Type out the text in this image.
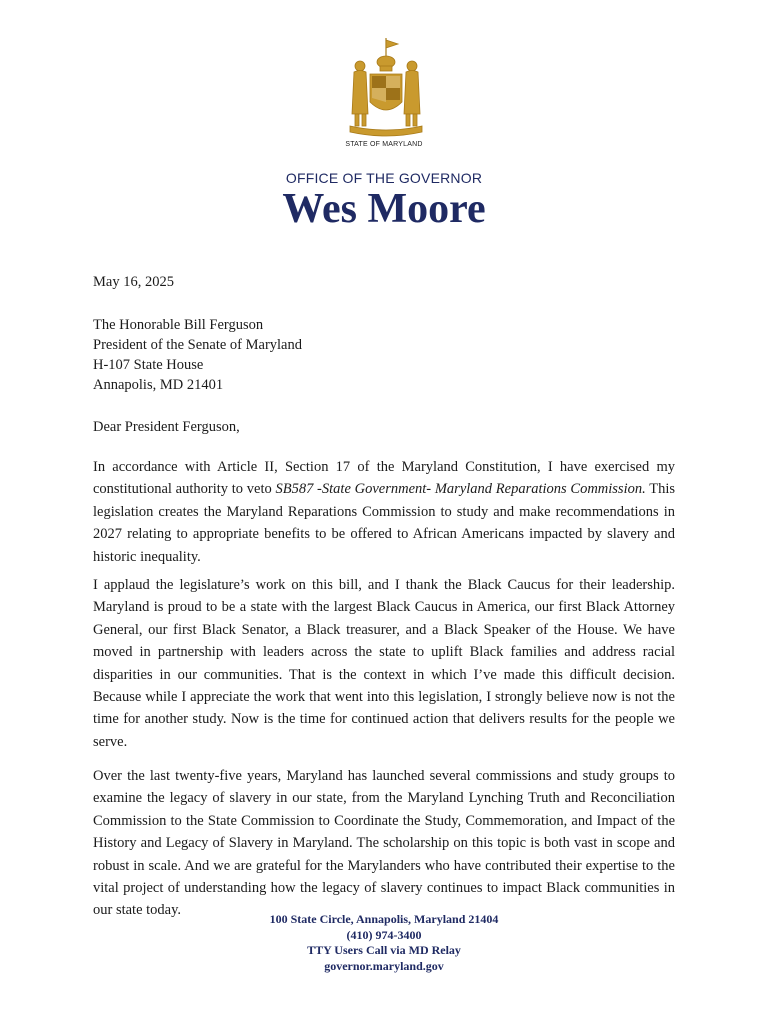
STATE OF MARYLAND
OFFICE OF THE GOVERNOR
Wes Moore
May 16, 2025
The Honorable Bill Ferguson
President of the Senate of Maryland
H-107 State House
Annapolis, MD 21401
Dear President Ferguson,
In accordance with Article II, Section 17 of the Maryland Constitution, I have exercised my constitutional authority to veto SB587 -State Government- Maryland Reparations Commission. This legislation creates the Maryland Reparations Commission to study and make recommendations in 2027 relating to appropriate benefits to be offered to African Americans impacted by slavery and historic inequality.
I applaud the legislature’s work on this bill, and I thank the Black Caucus for their leadership. Maryland is proud to be a state with the largest Black Caucus in America, our first Black Attorney General, our first Black Senator, a Black treasurer, and a Black Speaker of the House. We have moved in partnership with leaders across the state to uplift Black families and address racial disparities in our communities. That is the context in which I’ve made this difficult decision. Because while I appreciate the work that went into this legislation, I strongly believe now is not the time for another study. Now is the time for continued action that delivers results for the people we serve.
Over the last twenty-five years, Maryland has launched several commissions and study groups to examine the legacy of slavery in our state, from the Maryland Lynching Truth and Reconciliation Commission to the State Commission to Coordinate the Study, Commemoration, and Impact of the History and Legacy of Slavery in Maryland. The scholarship on this topic is both vast in scope and robust in scale. And we are grateful for the Marylanders who have contributed their expertise to the vital project of understanding how the legacy of slavery continues to impact Black communities in our state today.
100 State Circle, Annapolis, Maryland 21404
(410) 974-3400
TTY Users Call via MD Relay
governor.maryland.gov
